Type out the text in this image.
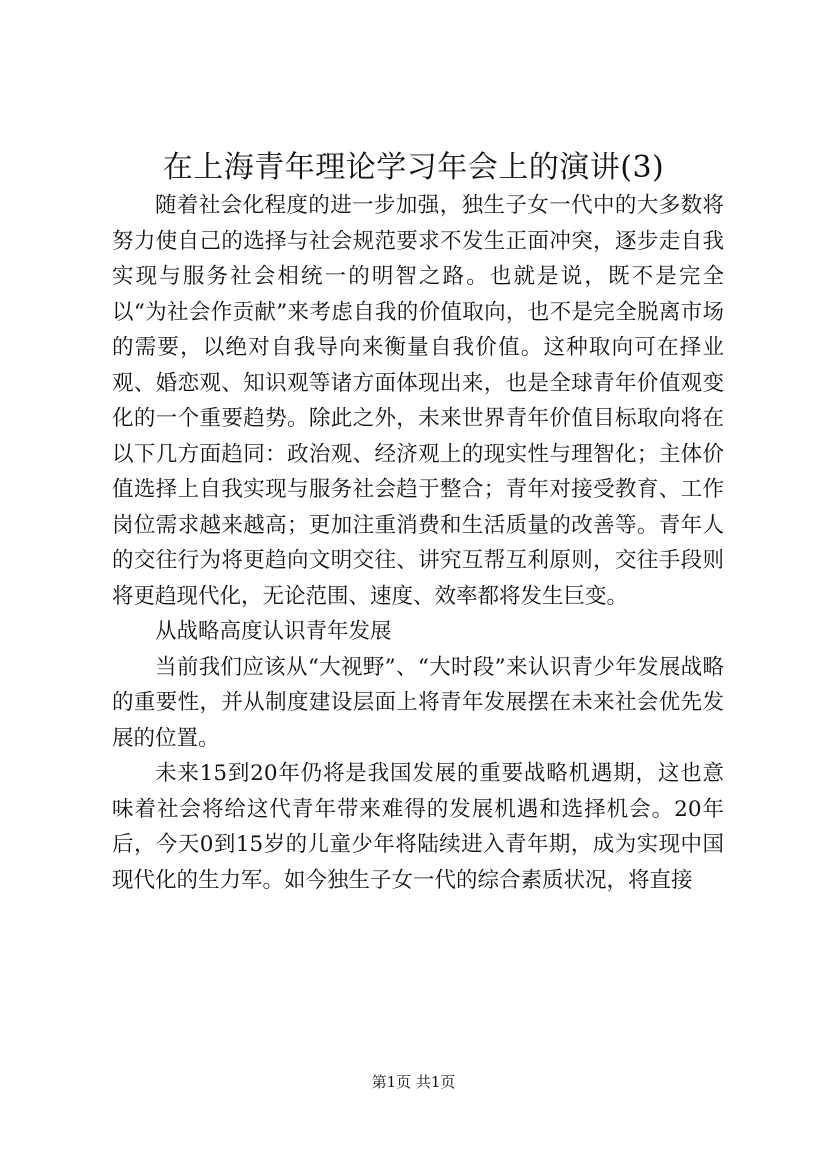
在上海青年理论学习年会上的演讲(3)

随着社会化程度的进一步加强，独生子女一代中的大多数将努力使自己的选择与社会规范要求不发生正面冲突，逐步走自我实现与服务社会相统一的明智之路。也就是说，既不是完全以“为社会作贡献”来考虑自我的价值取向，也不是完全脱离市场的需要，以绝对自我导向来衡量自我价值。这种取向可在择业观、婚恋观、知识观等诸方面体现出来，也是全球青年价值观变化的一个重要趋势。除此之外，未来世界青年价值目标取向将在以下几方面趋同：政治观、经济观上的现实性与理智化；主体价值选择上自我实现与服务社会趋于整合；青年对接受教育、工作岗位需求越来越高；更加注重消费和生活质量的改善等。青年人的交往行为将更趋向文明交往、讲究互帮互利原则，交往手段则将更趋现代化，无论范围、速度、效率都将发生巨变。

从战略高度认识青年发展

当前我们应该从“大视野”、“大时段”来认识青少年发展战略的重要性，并从制度建设层面上将青年发展摆在未来社会优先发展的位置。

未来15到20年仍将是我国发展的重要战略机遇期，这也意味着社会将给这代青年带来难得的发展机遇和选择机会。20年后，今天0到15岁的儿童少年将陆续进入青年期，成为实现中国现代化的生力军。如今独生子女一代的综合素质状况，将直接

第1页 共1页
